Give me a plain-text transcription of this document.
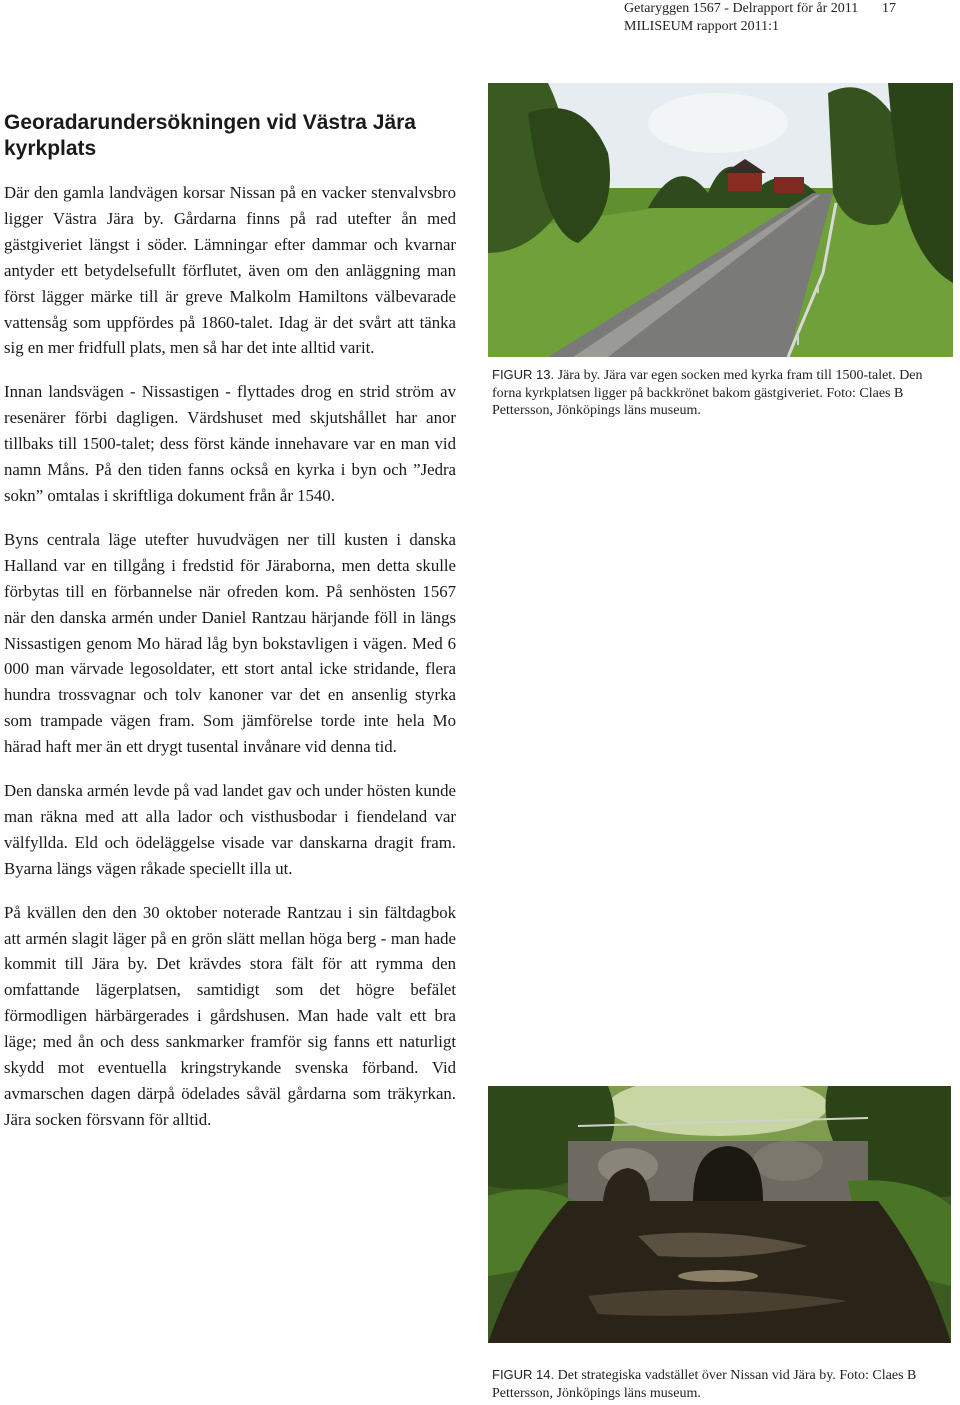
Getaryggen 1567 - Delrapport för år 2011
MILISEUM rapport 2011:1
17
Georadarundersökningen vid Västra Jära kyrkplats

Där den gamla landvägen korsar Nissan på en vacker stenvalvsbro ligger Västra Jära by. Gårdarna finns på rad utefter ån med gästgiveriet längst i söder. Lämningar efter dammar och kvarnar antyder ett betydelsefullt förflutet, även om den anläggning man först lägger märke till är greve Malkolm Hamiltons välbevarade vattensåg som uppfördes på 1860-talet. Idag är det svårt att tänka sig en mer fridfull plats, men så har det inte alltid varit.

Innan landsvägen - Nissastigen - flyttades drog en strid ström av resenärer förbi dagligen. Värdshuset med skjutshållet har anor tillbaks till 1500-talet; dess först kände innehavare var en man vid namn Måns. På den tiden fanns också en kyrka i byn och ”Jedra sokn” omtalas i skriftliga dokument från år 1540.

Byns centrala läge utefter huvudvägen ner till kusten i danska Halland var en tillgång i fredstid för Järaborna, men detta skulle förbytas till en förbannelse när ofreden kom. På senhösten 1567 när den danska armén under Daniel Rantzau härjande föll in längs Nissastigen genom Mo härad låg byn bokstavligen i vägen. Med 6 000 man värvade legosoldater, ett stort antal icke stridande, flera hundra trossvagnar och tolv kanoner var det en ansenlig styrka som trampade vägen fram. Som jämförelse torde inte hela Mo härad haft mer än ett drygt tusental invånare vid denna tid.

Den danska armén levde på vad landet gav och under hösten kunde man räkna med att alla lador och visthusbodar i fiendeland var välfyllda. Eld och ödeläggelse visade var danskarna dragit fram. Byarna längs vägen råkade speciellt illa ut.

På kvällen den den 30 oktober noterade Rantzau i sin fältdagbok att armén slagit läger på en grön slätt mellan höga berg - man hade kommit till Jära by. Det krävdes stora fält för att rymma den omfattande lägerplatsen, samtidigt som det högre befälet förmodligen härbärgerades i gårdshusen. Man hade valt ett bra läge; med ån och dess sankmarker framför sig fanns ett naturligt skydd mot eventuella kringstrykande svenska förband. Vid avmarschen dagen därpå ödelades såväl gårdarna som träkyrkan. Jära socken försvann för alltid.

FIGUR 13. Jära by. Jära var egen socken med kyrka fram till 1500-talet. Den forna kyrkplatsen ligger på backkrönet bakom gästgiveriet. Foto: Claes B Pettersson, Jönköpings läns museum.
FIGUR 14. Det strategiska vadstället över Nissan vid Jära by. Foto: Claes B Pettersson, Jönköpings läns museum.
